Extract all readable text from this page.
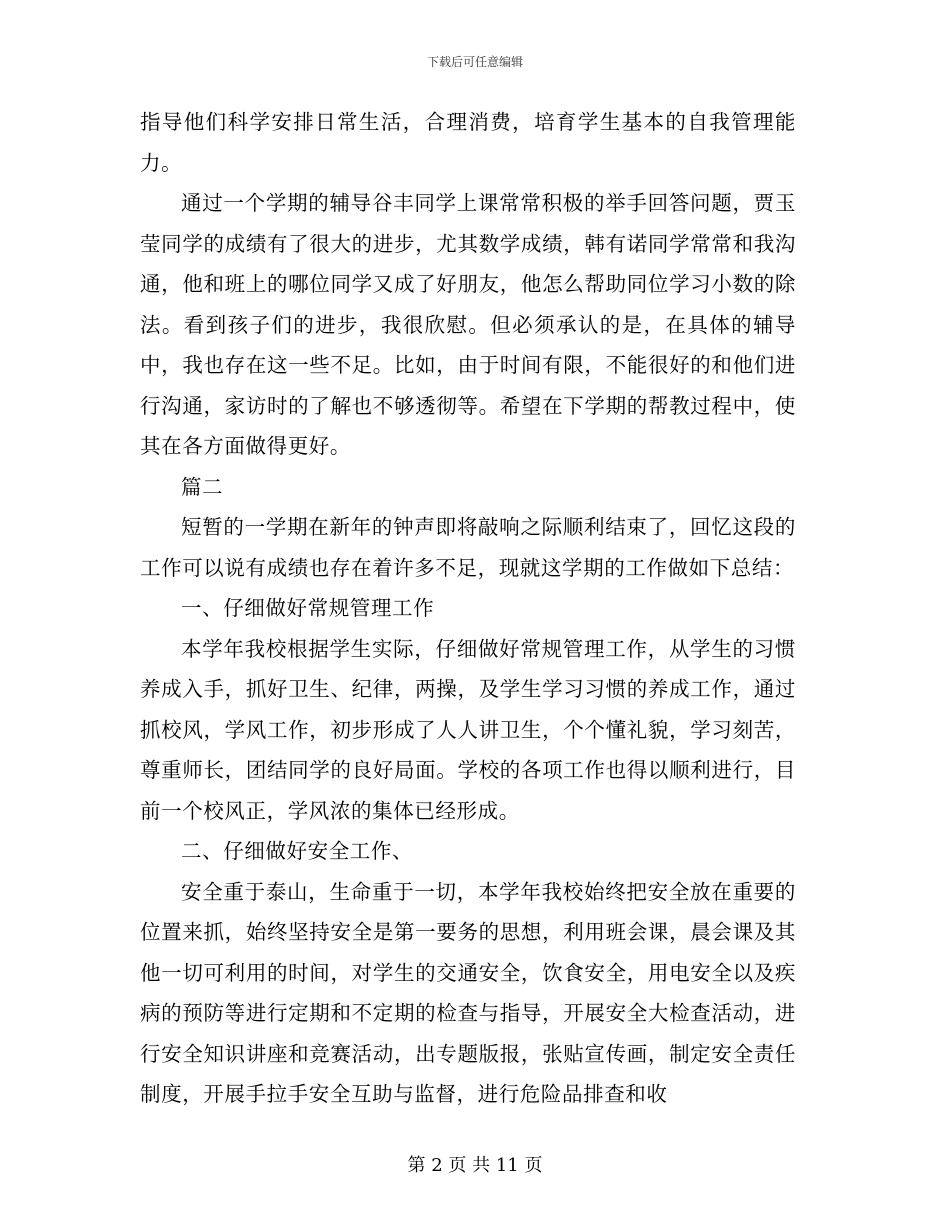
下载后可任意编辑

指导他们科学安排日常生活，合理消费，培育学生基本的自我管理能力。

通过一个学期的辅导谷丰同学上课常常积极的举手回答问题，贾玉莹同学的成绩有了很大的进步，尤其数学成绩，韩有诺同学常常和我沟通，他和班上的哪位同学又成了好朋友，他怎么帮助同位学习小数的除法。看到孩子们的进步，我很欣慰。但必须承认的是，在具体的辅导中，我也存在这一些不足。比如，由于时间有限，不能很好的和他们进行沟通，家访时的了解也不够透彻等。希望在下学期的帮教过程中，使其在各方面做得更好。

篇二

短暂的一学期在新年的钟声即将敲响之际顺利结束了，回忆这段的工作可以说有成绩也存在着许多不足，现就这学期的工作做如下总结：

一、仔细做好常规管理工作

本学年我校根据学生实际，仔细做好常规管理工作，从学生的习惯养成入手，抓好卫生、纪律，两操，及学生学习习惯的养成工作，通过抓校风，学风工作，初步形成了人人讲卫生，个个懂礼貌，学习刻苦，尊重师长，团结同学的良好局面。学校的各项工作也得以顺利进行，目前一个校风正，学风浓的集体已经形成。

二、仔细做好安全工作、

安全重于泰山，生命重于一切，本学年我校始终把安全放在重要的位置来抓，始终坚持安全是第一要务的思想，利用班会课，晨会课及其他一切可利用的时间，对学生的交通安全，饮食安全，用电安全以及疾病的预防等进行定期和不定期的检查与指导，开展安全大检查活动，进行安全知识讲座和竞赛活动，出专题版报，张贴宣传画，制定安全责任制度，开展手拉手安全互助与监督，进行危险品排查和收

第 2 页 共 11 页
